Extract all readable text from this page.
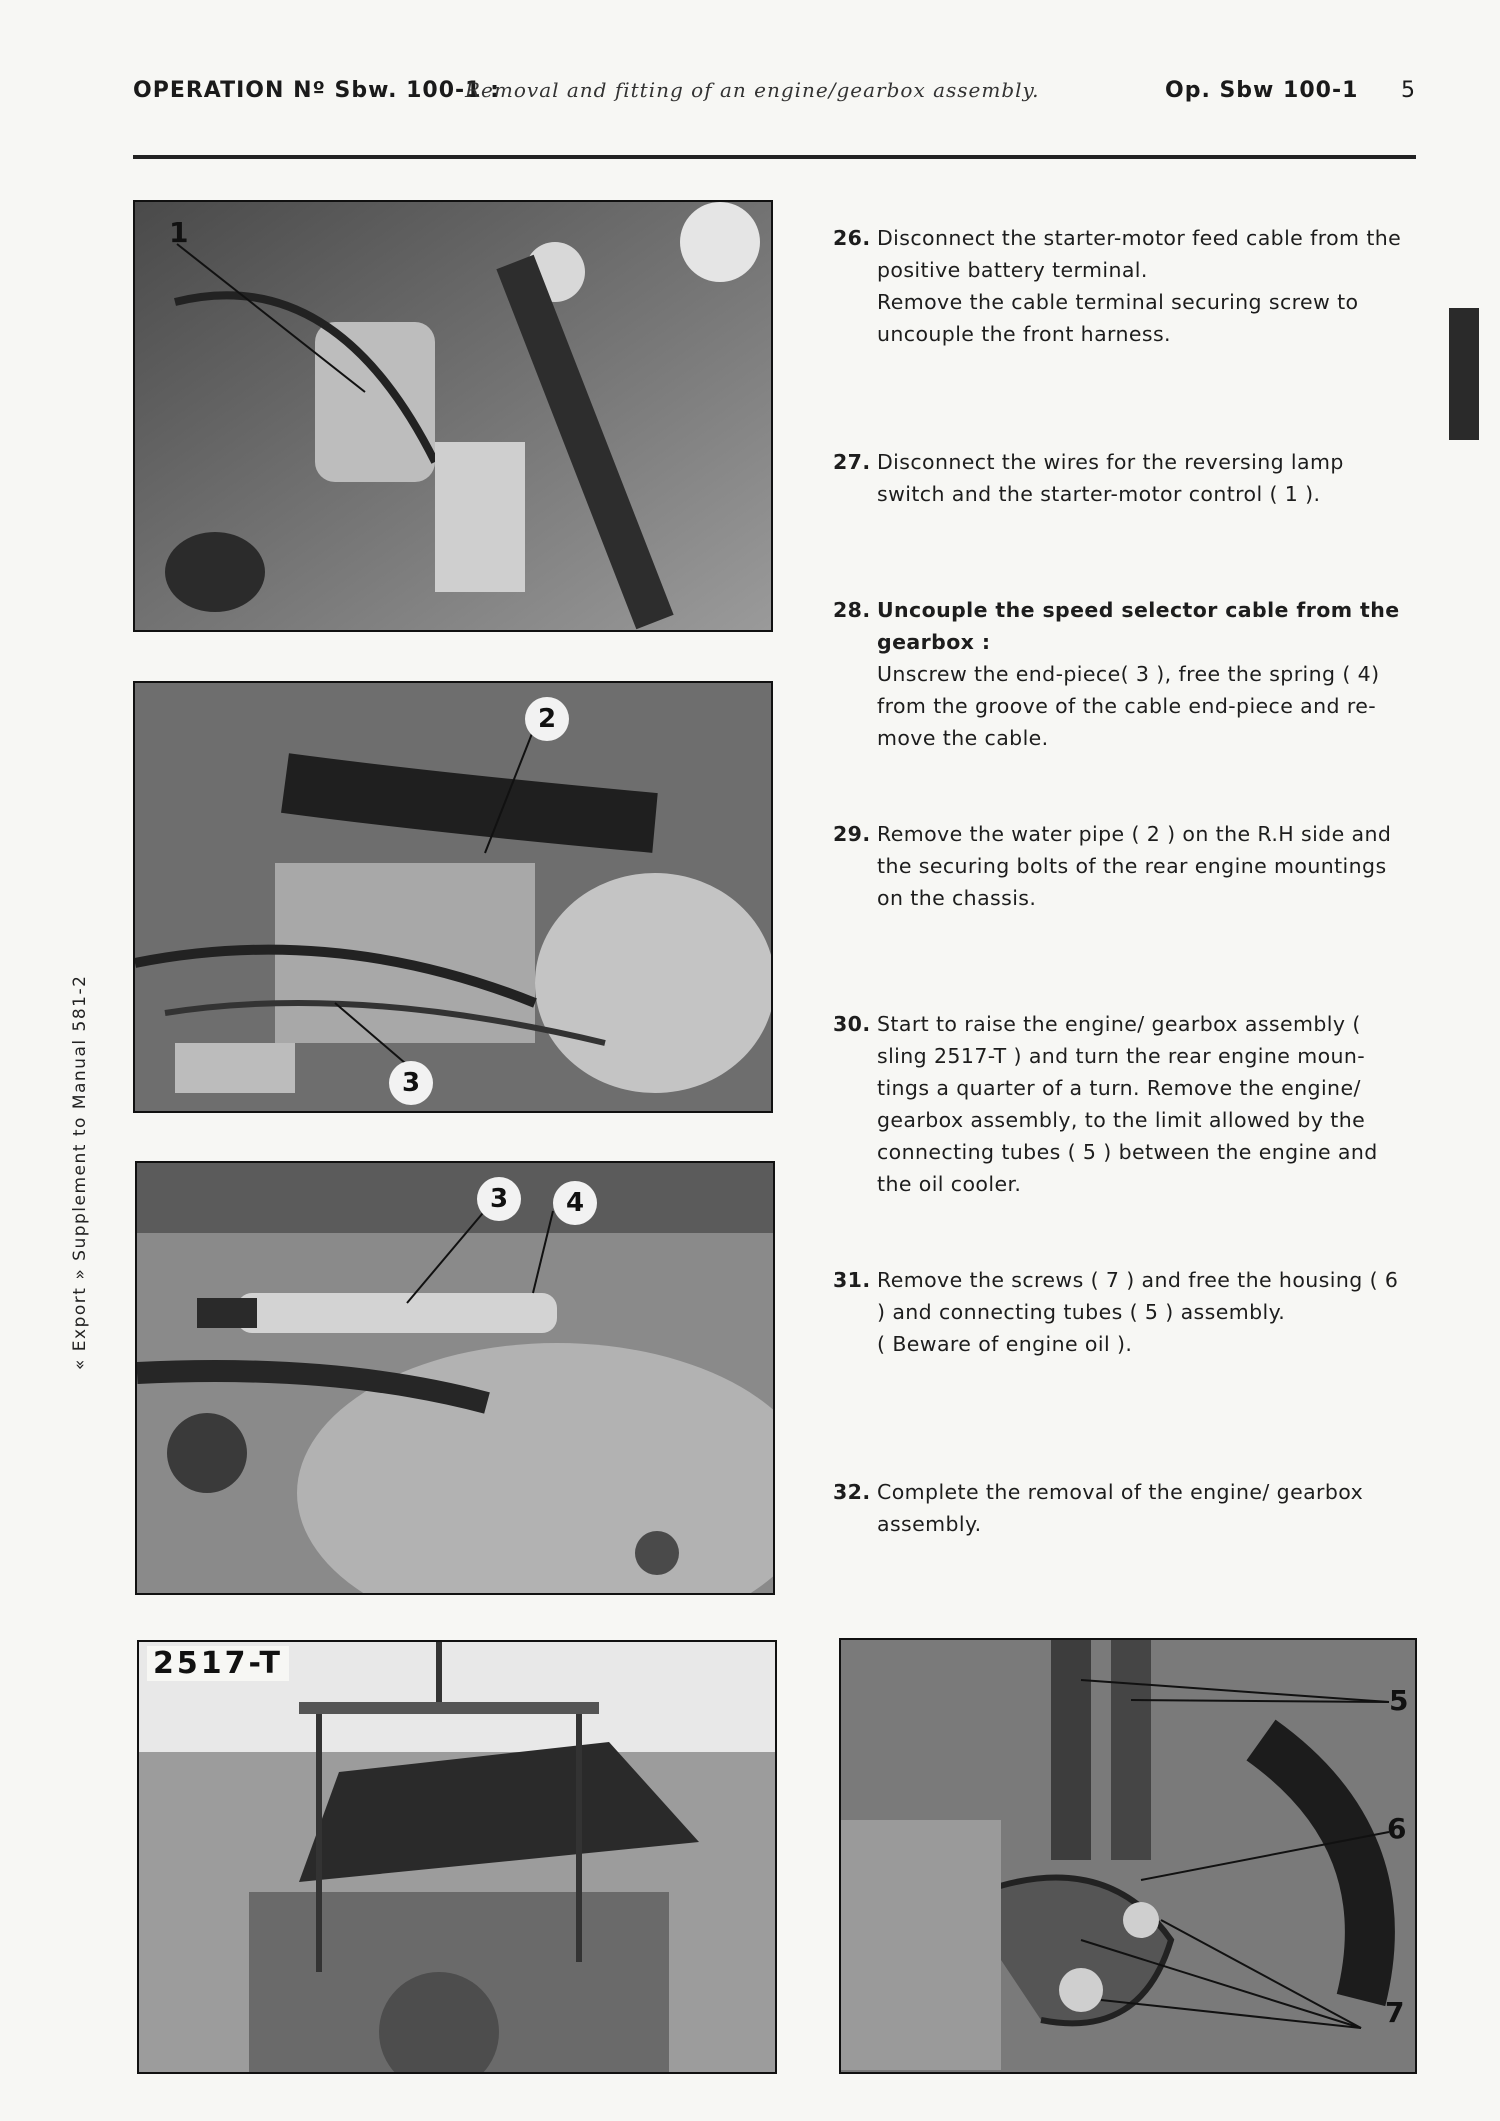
OPERATION Nº Sbw. 100-1 :
Removal and fitting of an engine/gearbox assembly.	Op. Sbw 100-1 5
« Export » Supplement to Manual 581-2
1
2
3
3	4
2517-T
5
6
7
26. Disconnect the starter-motor feed cable from the positive battery terminal.

Remove the cable terminal securing screw to uncouple the front harness.

27. Disconnect the wires for the reversing lamp switch and the starter-motor control ( 1 ).

28. Uncouple the speed selector cable from the gearbox :

Unscrew the end-piece( 3 ), free the spring ( 4) from the groove of the cable end-piece and re-move the cable.

29. Remove the water pipe ( 2 ) on the R.H side and the securing bolts of the rear engine mountings on the chassis.

30. Start to raise the engine/ gearbox assembly ( sling 2517-T ) and turn the rear engine moun-tings a quarter of a turn. Remove the engine/ gearbox assembly, to the limit allowed by the connecting tubes ( 5 ) between the engine and the oil cooler.

31. Remove the screws ( 7 ) and free the housing ( 6 ) and connecting tubes ( 5 ) assembly.

( Beware of engine oil ).

32. Complete the removal of the engine/ gearbox assembly.
